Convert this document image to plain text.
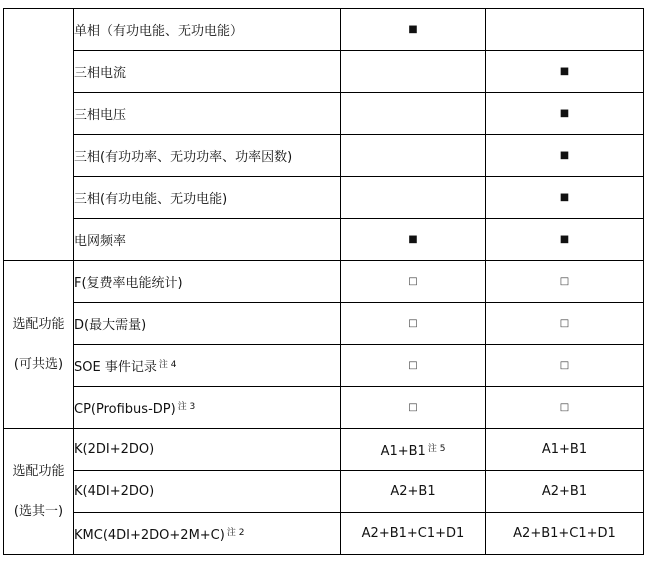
	单相（有功电能、无功电能）	■	
	三相电流		■
	三相电压		■
	三相(有功功率、无功功率、功率因数)		■
	三相(有功电能、无功电能)		■
	电网频率	■	■

选配功能
(可共选)	F(复费率电能统计)	□	□
	D(最大需量)	□	□
	SOE 事件记录 $^{注 4}$	□	□
	CP(Profibus-DP) $^{注 3}$	□	□

选配功能
(选其一)	K(2DI+2DO)	A1+B1 $^{注 5}$	A1+B1
	K(4DI+2DO)	A2+B1	A2+B1
	KMC(4DI+2DO+2M+C) $^{注 2}$	A2+B1+C1+D1	A2+B1+C1+D1
